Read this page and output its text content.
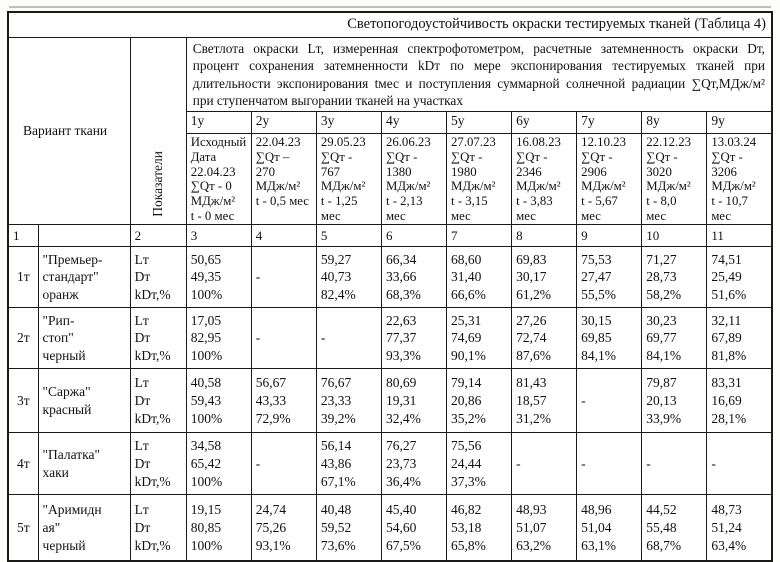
Светопогодоустойчивость окраски тестируемых тканей (Таблица 4)											
Вариант ткани		Показатели	Светлота окраски Lт, измеренная спектрофотометром, расчетные затемненность окраски Dт, процент сохранения затемненности kDт по мере экспонирования тестируемых тканей при длительности экспонирования tмес и поступления суммарной солнечной радиации ∑Qт,МДж/м² при ступенчатом выгорании тканей на участках								
			1у	2у	3у	4у	5у	6у	7у	8у	9у
Исходный
Дата
22.04.23
∑Qт - 0
МДж/м²
t - 0 мес	22.04.23
∑Qт –
270
МДж/м²
t - 0,5 мес	29.05.23
∑Qт -
767
МДж/м²
t - 1,25
мес	26.06.23
∑Qт -
1380
МДж/м²
t - 2,13
мес	27.07.23
∑Qт -
1980
МДж/м²
t - 3,15
мес	16.08.23
∑Qт -
2346
МДж/м²
t - 3,83
мес	12.10.23
∑Qт -
2906
МДж/м²
t - 5,67
мес	22.12.23
∑Qт -
3020
МДж/м²
t - 8,0
мес	13.03.24
∑Qт -
3206
МДж/м²
t - 10,7
мес
1		2	3	4	5	6	7	8	9	10	11
1т	"Премьер-
стандарт"
оранж	Lт
Dт
kDт,%	50,65
49,35
100%	-	59,27
40,73
82,4%	66,34
33,66
68,3%	68,60
31,40
66,6%	69,83
30,17
61,2%	75,53
27,47
55,5%	71,27
28,73
58,2%	74,51
25,49
51,6%
2т	"Рип-
стоп"
черный	Lт
Dт
kDт,%	17,05
82,95
100%	-	-	22,63
77,37
93,3%	25,31
74,69
90,1%	27,26
72,74
87,6%	30,15
69,85
84,1%	30,23
69,77
84,1%	32,11
67,89
81,8%
3т	"Саржа"
красный	Lт
Dт
kDт,%	40,58
59,43
100%	56,67
43,33
72,9%	76,67
23,33
39,2%	80,69
19,31
32,4%	79,14
20,86
35,2%	81,43
18,57
31,2%	-	79,87
20,13
33,9%	83,31
16,69
28,1%
4т	"Палатка"
хаки	Lт
Dт
kDт,%	34,58
65,42
100%	-	56,14
43,86
67,1%	76,27
23,73
36,4%	75,56
24,44
37,3%	-	-	-	-
5т	"Аримидн
ая"
черный	Lт
Dт
kDт,%	19,15
80,85
100%	24,74
75,26
93,1%	40,48
59,52
73,6%	45,40
54,60
67,5%	46,82
53,18
65,8%	48,93
51,07
63,2%	48,96
51,04
63,1%	44,52
55,48
68,7%	48,73
51,24
63,4%
